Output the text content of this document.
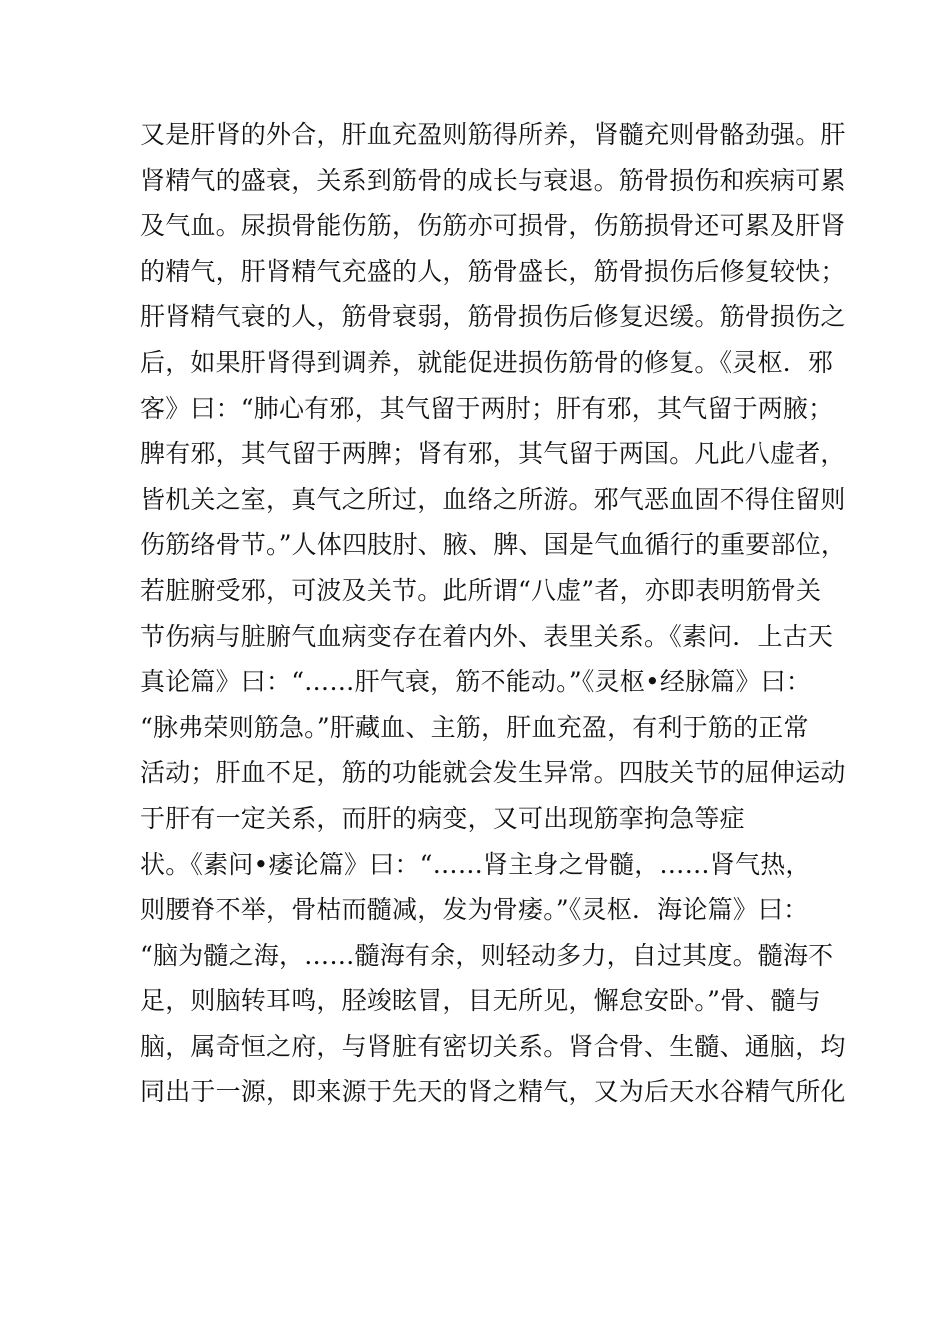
又是肝肾的外合，肝血充盈则筋得所养，肾髓充则骨骼劲强。肝
肾精气的盛衰，关系到筋骨的成长与衰退。筋骨损伤和疾病可累
及气血。尿损骨能伤筋，伤筋亦可损骨，伤筋损骨还可累及肝肾
的精气，肝肾精气充盛的人，筋骨盛长，筋骨损伤后修复较快；
肝肾精气衰的人，筋骨衰弱，筋骨损伤后修复迟缓。筋骨损伤之
后，如果肝肾得到调养，就能促进损伤筋骨的修复。《灵枢．邪
客》曰：“肺心有邪，其气留于两肘；肝有邪，其气留于两腋；
脾有邪，其气留于两脾；肾有邪，其气留于两国。凡此八虚者，
皆机关之室，真气之所过，血络之所游。邪气恶血固不得住留则
伤筋络骨节。”人体四肢肘、腋、脾、国是气血循行的重要部位，
若脏腑受邪，可波及关节。此所谓“八虚”者，亦即表明筋骨关
节伤病与脏腑气血病变存在着内外、表里关系。《素问．上古天
真论篇》曰：“……肝气衰，筋不能动。”《灵枢•经脉篇》曰：
“脉弗荣则筋急。”肝藏血、主筋，肝血充盈，有利于筋的正常
活动；肝血不足，筋的功能就会发生异常。四肢关节的屈伸运动
于肝有一定关系，而肝的病变，又可出现筋挛拘急等症
状。《素问•痿论篇》曰：“……肾主身之骨髓，……肾气热，
则腰脊不举，骨枯而髓减，发为骨痿。”《灵枢．海论篇》曰：
“脑为髓之海，……髓海有余，则轻动多力，自过其度。髓海不
足，则脑转耳鸣，胫竣眩冒，目无所见，懈怠安卧。”骨、髓与
脑，属奇恒之府，与肾脏有密切关系。肾合骨、生髓、通脑，均
同出于一源，即来源于先天的肾之精气，又为后天水谷精气所化
